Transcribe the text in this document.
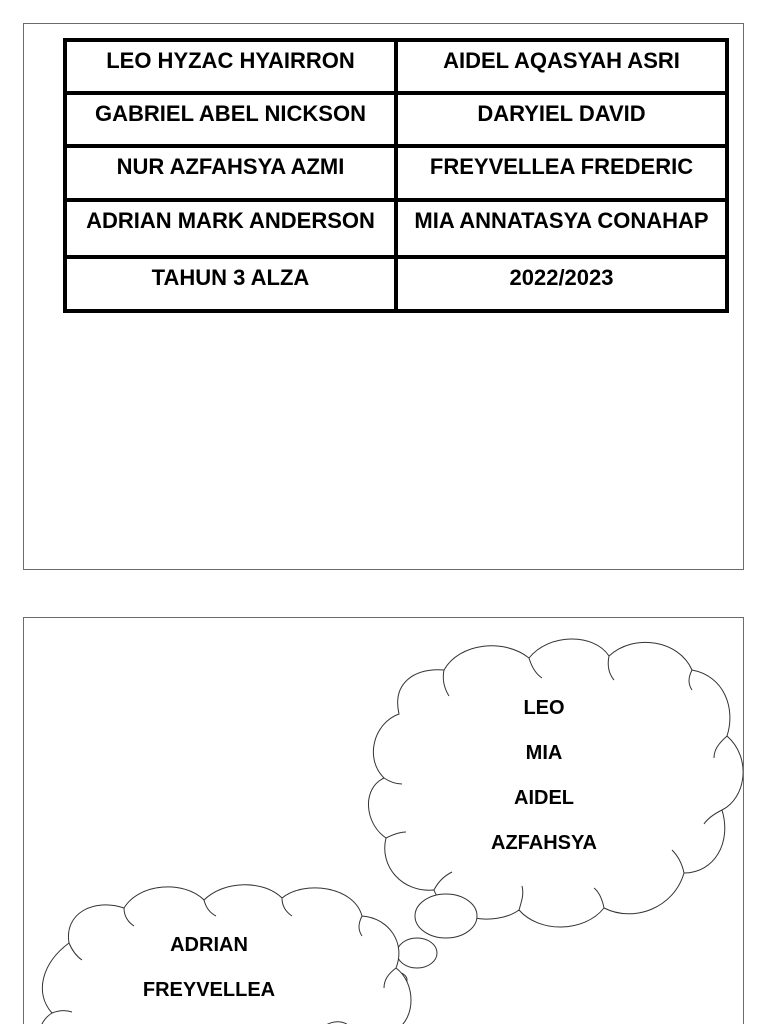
LEO HYZAC HYAIRRON	AIDEL AQASYAH ASRI
GABRIEL ABEL NICKSON	DARYIEL DAVID
NUR AZFAHSYA AZMI	FREYVELLEA FREDERIC
ADRIAN MARK ANDERSON	MIA ANNATASYA CONAHAP
TAHUN 3 ALZA	2022/2023
LEO
MIA
AIDEL
AZFAHSYA
ADRIAN
FREYVELLEA
